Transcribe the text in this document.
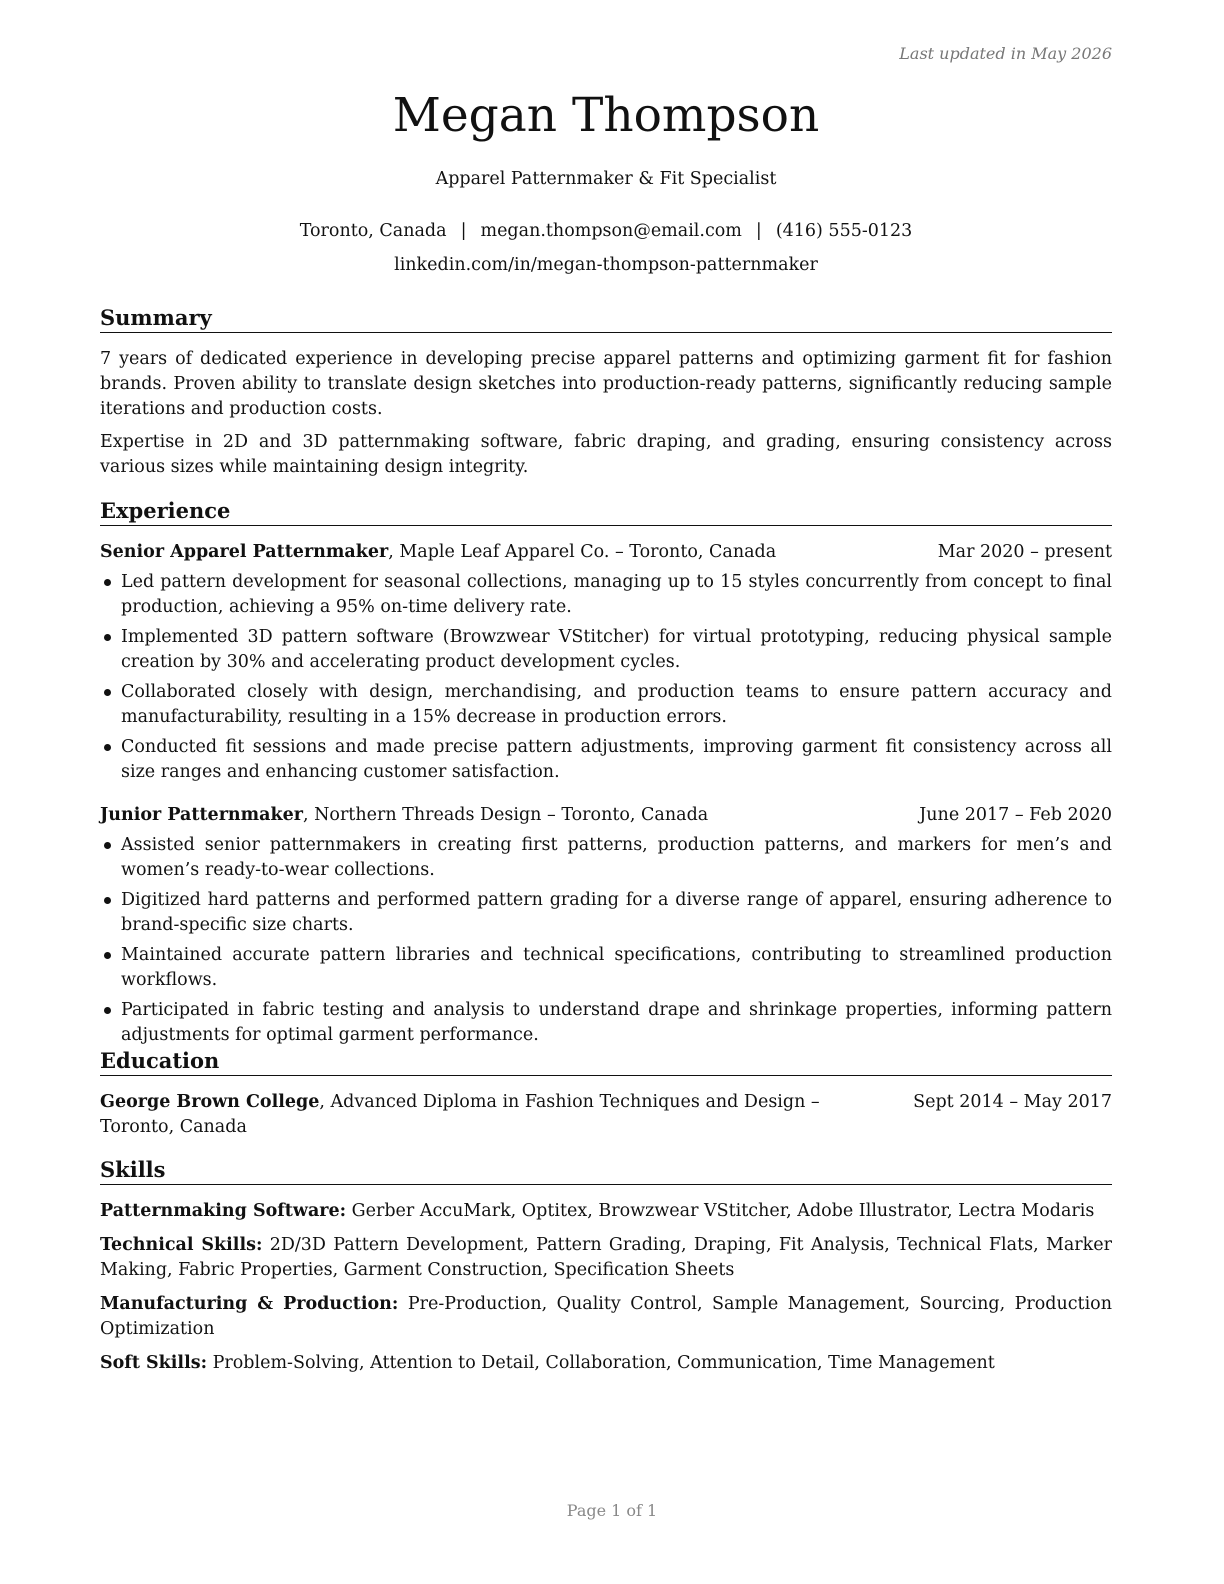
Last updated in May 2026
Megan Thompson
Apparel Patternmaker & Fit Specialist
Toronto, Canada | megan.thompson@email.com | (416) 555-0123
linkedin.com/in/megan-thompson-patternmaker
Summary

7 years of dedicated experience in developing precise apparel patterns and optimizing garment fit for fashion brands. Proven ability to translate design sketches into production-ready patterns, significantly reducing sample iterations and production costs.

Expertise in 2D and 3D patternmaking software, fabric draping, and grading, ensuring consistency across various sizes while maintaining design integrity.

Experience
Senior Apparel Patternmaker, Maple Leaf Apparel Co. – Toronto, Canada	Mar 2020 – present
Led pattern development for seasonal collections, managing up to 15 styles concurrently from concept to final production, achieving a 95% on-time delivery rate.
Implemented 3D pattern software (Browzwear VStitcher) for virtual prototyping, reducing physical sample creation by 30% and accelerating product development cycles.
Collaborated closely with design, merchandising, and production teams to ensure pattern accuracy and manufacturability, resulting in a 15% decrease in production errors.
Conducted fit sessions and made precise pattern adjustments, improving garment fit consistency across all size ranges and enhancing customer satisfaction.
Junior Patternmaker, Northern Threads Design – Toronto, Canada	June 2017 – Feb 2020
Assisted senior patternmakers in creating first patterns, production patterns, and markers for men’s and women’s ready-to-wear collections.
Digitized hard patterns and performed pattern grading for a diverse range of apparel, ensuring adherence to brand-specific size charts.
Maintained accurate pattern libraries and technical specifications, contributing to streamlined production workflows.
Participated in fabric testing and analysis to understand drape and shrinkage properties, informing pattern adjustments for optimal garment performance.
Education
George Brown College, Advanced Diploma in Fashion Techniques and Design – Toronto, Canada
Sept 2014 – May 2017
Skills

Patternmaking Software: Gerber AccuMark, Optitex, Browzwear VStitcher, Adobe Illustrator, Lectra Modaris

Technical Skills: 2D/3D Pattern Development, Pattern Grading, Draping, Fit Analysis, Technical Flats, Marker Making, Fabric Properties, Garment Construction, Specification Sheets

Manufacturing & Production: Pre-Production, Quality Control, Sample Management, Sourcing, Production Optimization

Soft Skills: Problem-Solving, Attention to Detail, Collaboration, Communication, Time Management

Page 1 of 1
